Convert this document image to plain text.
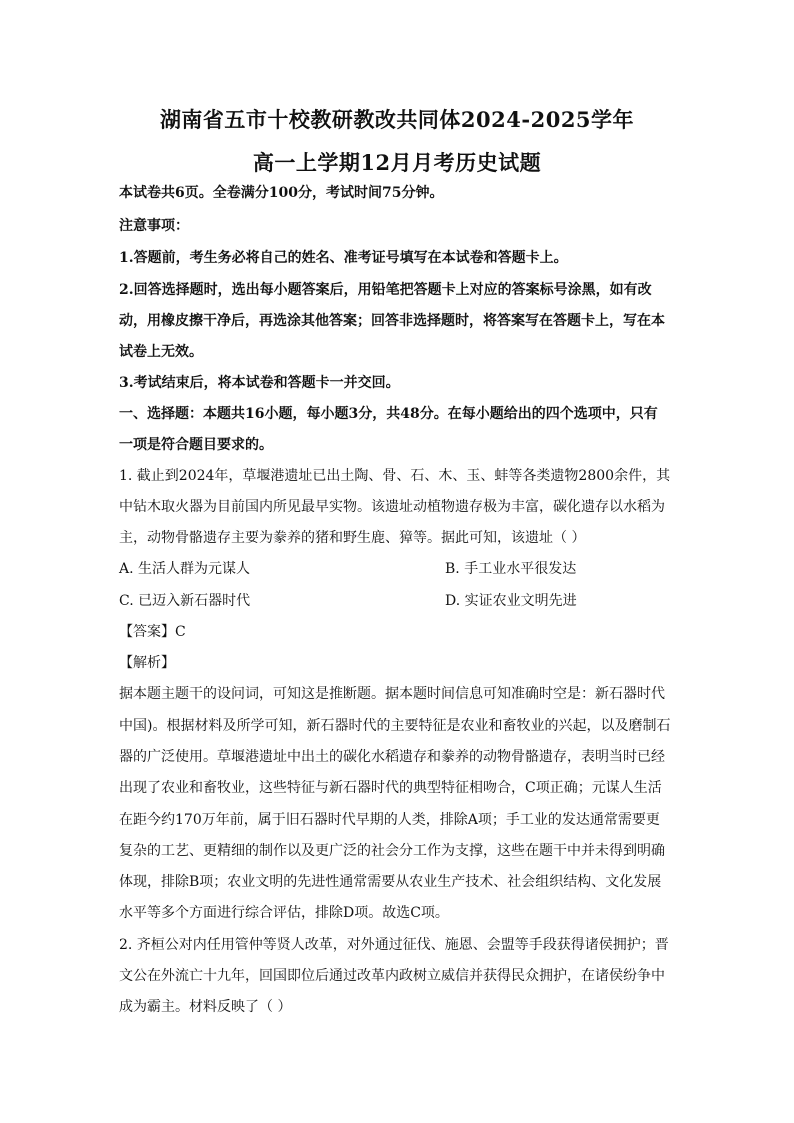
湖南省五市十校教研教改共同体2024-2025学年
高一上学期12月月考历史试题
本试卷共6页。全卷满分100分，考试时间75分钟。
注意事项：
1.答题前，考生务必将自己的姓名、准考证号填写在本试卷和答题卡上。
2.回答选择题时，选出每小题答案后，用铅笔把答题卡上对应的答案标号涂黑，如有改
动，用橡皮擦干净后，再选涂其他答案；回答非选择题时，将答案写在答题卡上，写在本
试卷上无效。
3.考试结束后，将本试卷和答题卡一并交回。
一、选择题：本题共16小题，每小题3分，共48分。在每小题给出的四个选项中，只有
一项是符合题目要求的。
1. 截止到2024年，草堰港遗址已出土陶、骨、石、木、玉、蚌等各类遗物2800余件，其
中钻木取火器为目前国内所见最早实物。该遗址动植物遗存极为丰富，碳化遗存以水稻为
主，动物骨骼遗存主要为豢养的猪和野生鹿、獐等。据此可知，该遗址（ ）
A. 生活人群为元谋人	B. 手工业水平很发达
C. 已迈入新石器时代	D. 实证农业文明先进
【答案】C
【解析】
据本题主题干的设问词，可知这是推断题。据本题时间信息可知准确时空是：新石器时代
中国)。根据材料及所学可知，新石器时代的主要特征是农业和畜牧业的兴起，以及磨制石
器的广泛使用。草堰港遗址中出土的碳化水稻遗存和豢养的动物骨骼遗存，表明当时已经
出现了农业和畜牧业，这些特征与新石器时代的典型特征相吻合，C项正确；元谋人生活
在距今约170万年前，属于旧石器时代早期的人类，排除A项；手工业的发达通常需要更
复杂的工艺、更精细的制作以及更广泛的社会分工作为支撑，这些在题干中并未得到明确
体现，排除B项；农业文明的先进性通常需要从农业生产技术、社会组织结构、文化发展
水平等多个方面进行综合评估，排除D项。故选C项。
2. 齐桓公对内任用管仲等贤人改革，对外通过征伐、施恩、会盟等手段获得诸侯拥护；晋
文公在外流亡十九年，回国即位后通过改革内政树立威信并获得民众拥护，在诸侯纷争中
成为霸主。材料反映了（ ）
